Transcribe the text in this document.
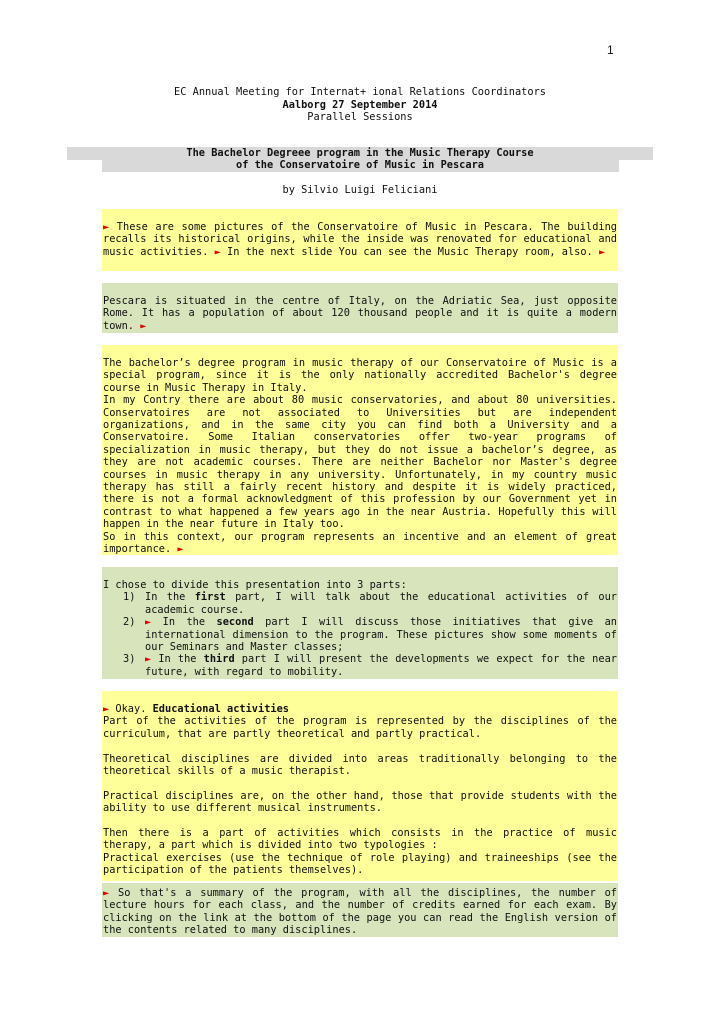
1
EC Annual Meeting for Internat+ ional Relations Coordinators
Aalborg 27 September 2014
Parallel Sessions
The Bachelor Degreee program in the Music Therapy Course
of the Conservatoire of Music in Pescara
by Silvio Luigi Feliciani

► These are some pictures of the Conservatoire of Music in Pescara. The building recalls its historical origins, while the inside was renovated for educational and music activities. ► In the next slide You can see the Music Therapy room, also. ►

Pescara is situated in the centre of Italy, on the Adriatic Sea, just opposite Rome. It has a population of about 120 thousand people and it is quite a modern town. ►

The bachelor’s degree program in music therapy of our Conservatoire of Music is a special program, since it is the only nationally accredited Bachelor's degree course in Music Therapy in Italy.

In my Contry there are about 80 music conservatories, and about 80 universities. Conservatoires are not associated to Universities but are independent organizations, and in the same city you can find both a University and a Conservatoire. Some Italian conservatories offer two-year programs of specialization in music therapy, but they do not issue a bachelor’s degree, as they are not academic courses. There are neither Bachelor nor Master's degree courses in music therapy in any university. Unfortunately, in my country music therapy has still a fairly recent history and despite it is widely practiced, there is not a formal acknowledgment of this profession by our Government yet in contrast to what happened a few years ago in the near Austria. Hopefully this will happen in the near future in Italy too.

So in this context, our program represents an incentive and an element of great importance. ►

I chose to divide this presentation into 3 parts:

1) In the first part, I will talk about the educational activities of our academic course.
2) ► In the second part I will discuss those initiatives that give an international dimension to the program. These pictures show some moments of our Seminars and Master classes;
3) ► In the third part I will present the developments we expect for the near future, with regard to mobility.

► Okay. Educational activities

Part of the activities of the program is represented by the disciplines of the curriculum, that are partly theoretical and partly practical.

Theoretical disciplines are divided into areas traditionally belonging to the theoretical skills of a music therapist.

Practical disciplines are, on the other hand, those that provide students with the ability to use different musical instruments.

Then there is a part of activities which consists in the practice of music therapy, a part which is divided into two typologies :

Practical exercises (use the technique of role playing) and traineeships (see the participation of the patients themselves).

► So that's a summary of the program, with all the disciplines, the number of lecture hours for each class, and the number of credits earned for each exam. By clicking on the link at the bottom of the page you can read the English version of the contents related to many disciplines.
